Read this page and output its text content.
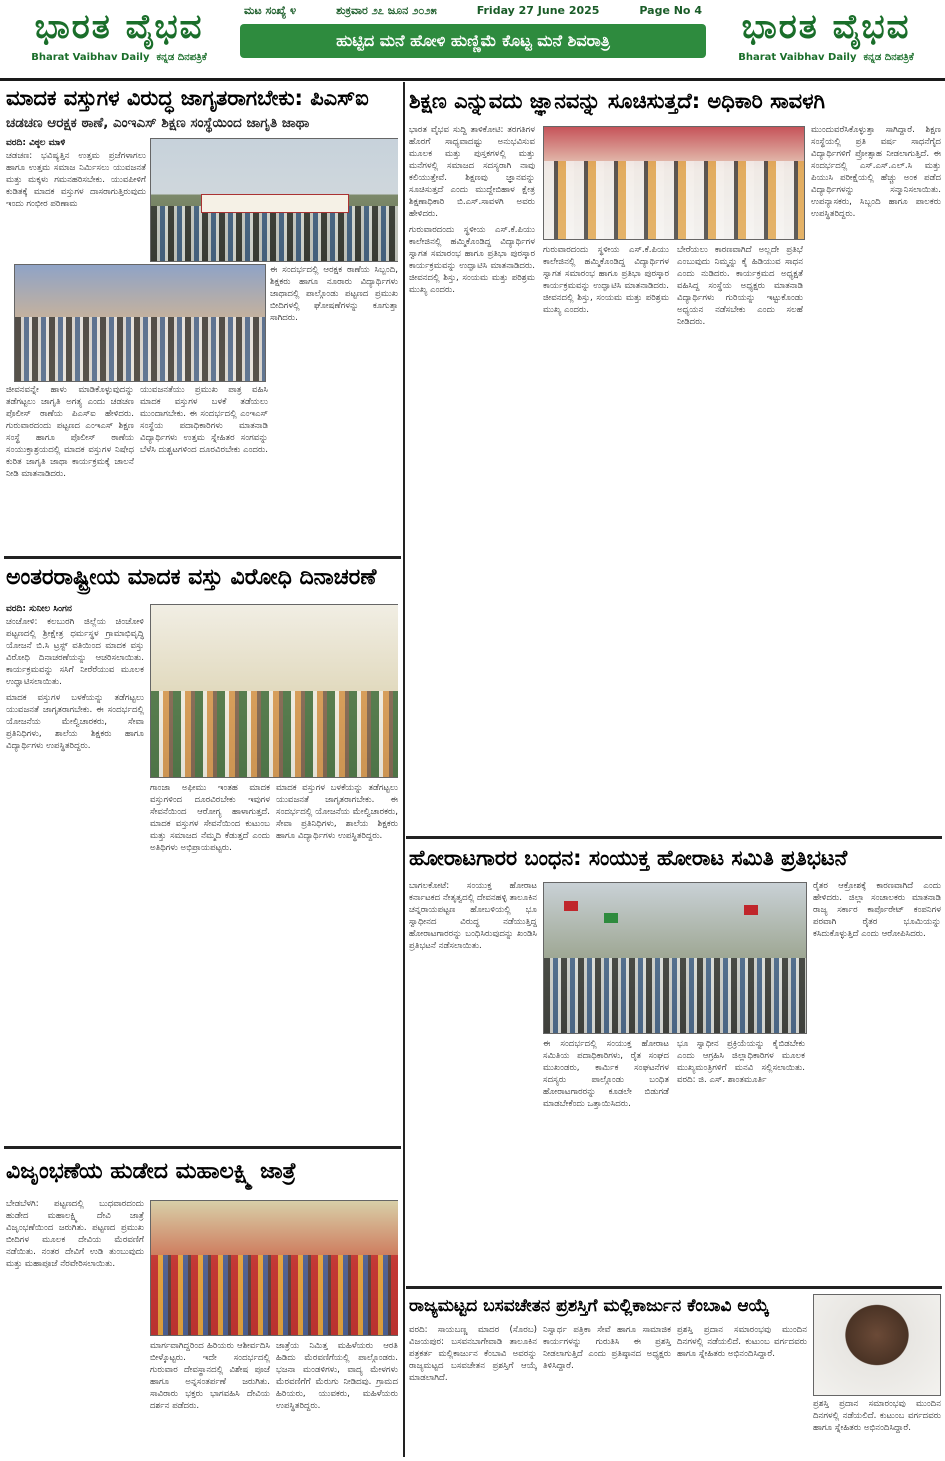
ಭಾರತ ವೈಭವ
Bharat Vaibhav Daily ಕನ್ನಡ ದಿನಪತ್ರಿಕೆ
ಮಟ ಸಂಖ್ಯೆ ೪	ಶುಕ್ರವಾರ ೨೭ ಜೂನ ೨೦೨೫	Friday 27 June 2025	Page No 4
ಹುಟ್ಟಿದ ಮನೆ ಹೋಳಿ ಹುಣ್ಣಿಮೆ ಕೊಟ್ಟ ಮನೆ ಶಿವರಾತ್ರಿ	ಭಾರತ ವೈಭವ
Bharat Vaibhav Daily ಕನ್ನಡ ದಿನಪತ್ರಿಕೆ
ಮಾದಕ ವಸ್ತುಗಳ ವಿರುದ್ಧ ಜಾಗೃತರಾಗಬೇಕು: ಪಿಎಸ್ಐ
ಚಡಚಣ ಆರಕ್ಷಕ ಠಾಣೆ, ಎಂಇಎಸ್ ಶಿಕ್ಷಣ ಸಂಸ್ಥೆಯಿಂದ ಜಾಗೃತಿ ಜಾಥಾ
ವರದಿ: ವಿಠ್ಠಲ ಮಾಳಿ
ಚಡಚಣ: ಭವಿಷ್ಯತ್ತಿನ ಉತ್ತಮ ಪ್ರಜೆಗಳಾಗಲು ಹಾಗೂ ಉತ್ತಮ ಸಮಾಜ ನಿರ್ಮಿಸಲು ಯುವಜನತೆ ಮತ್ತು ಮಕ್ಕಳು ಗಮನಹರಿಸಬೇಕು. ಯುವಪೀಳಿಗೆ ಕುಡಿತಕ್ಕೆ ಮಾದಕ ವಸ್ತುಗಳ ದಾಸರಾಗುತ್ತಿರುವುದು ಇಂದು ಗಂಭೀರ ಪರಿಣಾಮ
ಈ ಸಂದರ್ಭದಲ್ಲಿ ಆರಕ್ಷಕ ಠಾಣೆಯ ಸಿಬ್ಬಂದಿ, ಶಿಕ್ಷಕರು ಹಾಗೂ ನೂರಾರು ವಿದ್ಯಾರ್ಥಿಗಳು ಜಾಥಾದಲ್ಲಿ ಪಾಲ್ಗೊಂಡು ಪಟ್ಟಣದ ಪ್ರಮುಖ ಬೀದಿಗಳಲ್ಲಿ ಘೋಷಣೆಗಳನ್ನು ಕೂಗುತ್ತಾ ಸಾಗಿದರು.
ಜೀವನವನ್ನೇ ಹಾಳು ಮಾಡಿಕೊಳ್ಳುವುದನ್ನು ತಡೆಗಟ್ಟಲು ಜಾಗೃತಿ ಅಗತ್ಯ ಎಂದು ಚಡಚಣ ಪೊಲೀಸ್ ಠಾಣೆಯ ಪಿಎಸ್ಐ ಹೇಳಿದರು. ಗುರುವಾರದಂದು ಪಟ್ಟಣದ ಎಂಇಎಸ್ ಶಿಕ್ಷಣ ಸಂಸ್ಥೆ ಹಾಗೂ ಪೊಲೀಸ್ ಠಾಣೆಯ ಸಂಯುಕ್ತಾಶ್ರಯದಲ್ಲಿ ಮಾದಕ ವಸ್ತುಗಳ ನಿಷೇಧ ಕುರಿತ ಜಾಗೃತಿ ಜಾಥಾ ಕಾರ್ಯಕ್ರಮಕ್ಕೆ ಚಾಲನೆ ನೀಡಿ ಮಾತನಾಡಿದರು.
ಯುವಜನತೆಯು ಪ್ರಮುಖ ಪಾತ್ರ ವಹಿಸಿ ಮಾದಕ ವಸ್ತುಗಳ ಬಳಕೆ ತಡೆಯಲು ಮುಂದಾಗಬೇಕು. ಈ ಸಂದರ್ಭದಲ್ಲಿ ಎಂಇಎಸ್ ಸಂಸ್ಥೆಯ ಪದಾಧಿಕಾರಿಗಳು ಮಾತನಾಡಿ ವಿದ್ಯಾರ್ಥಿಗಳು ಉತ್ತಮ ಸ್ನೇಹಿತರ ಸಂಗವನ್ನು ಬೆಳೆಸಿ ದುಶ್ಚಟಗಳಿಂದ ದೂರವಿರಬೇಕು ಎಂದರು.
ಅಂತರರಾಷ್ಟ್ರೀಯ ಮಾದಕ ವಸ್ತು ವಿರೋಧಿ ದಿನಾಚರಣೆ
ವರದಿ: ಸುನೀಲ ಸಿಂಗನ
ಚಂಚೋಳಿ: ಕಲಬುರಗಿ ಜಿಲ್ಲೆಯ ಚಿಂಚೋಳಿ ಪಟ್ಟಣದಲ್ಲಿ ಶ್ರೀಕ್ಷೇತ್ರ ಧರ್ಮಸ್ಥಳ ಗ್ರಾಮಾಭಿವೃದ್ಧಿ ಯೋಜನೆ ಬಿ.ಸಿ ಟ್ರಸ್ಟ್ ವತಿಯಿಂದ ಮಾದಕ ವಸ್ತು ವಿರೋಧಿ ದಿನಾಚರಣೆಯನ್ನು ಆಚರಿಸಲಾಯಿತು. ಕಾರ್ಯಕ್ರಮವನ್ನು ಸಸಿಗೆ ನೀರೆರೆಯುವ ಮೂಲಕ ಉದ್ಘಾಟಿಸಲಾಯಿತು.
ಮಾದಕ ವಸ್ತುಗಳ ಬಳಕೆಯನ್ನು ತಡೆಗಟ್ಟಲು ಯುವಜನತೆ ಜಾಗೃತರಾಗಬೇಕು. ಈ ಸಂದರ್ಭದಲ್ಲಿ ಯೋಜನೆಯ ಮೇಲ್ವಿಚಾರಕರು, ಸೇವಾ ಪ್ರತಿನಿಧಿಗಳು, ಶಾಲೆಯ ಶಿಕ್ಷಕರು ಹಾಗೂ ವಿದ್ಯಾರ್ಥಿಗಳು ಉಪಸ್ಥಿತರಿದ್ದರು.
ಗಾಂಜಾ ಅಫೀಮು ಇಂತಹ ಮಾದಕ ವಸ್ತುಗಳಿಂದ ದೂರವಿರಬೇಕು ಇವುಗಳ ಸೇವನೆಯಿಂದ ಆರೋಗ್ಯ ಹಾಳಾಗುತ್ತದೆ. ಮಾದಕ ವಸ್ತುಗಳ ಸೇವನೆಯಿಂದ ಕುಟುಂಬ ಮತ್ತು ಸಮಾಜದ ನೆಮ್ಮದಿ ಕೆಡುತ್ತದೆ ಎಂದು ಅತಿಥಿಗಳು ಅಭಿಪ್ರಾಯಪಟ್ಟರು.
ಮಾದಕ ವಸ್ತುಗಳ ಬಳಕೆಯನ್ನು ತಡೆಗಟ್ಟಲು ಯುವಜನತೆ ಜಾಗೃತರಾಗಬೇಕು. ಈ ಸಂದರ್ಭದಲ್ಲಿ ಯೋಜನೆಯ ಮೇಲ್ವಿಚಾರಕರು, ಸೇವಾ ಪ್ರತಿನಿಧಿಗಳು, ಶಾಲೆಯ ಶಿಕ್ಷಕರು ಹಾಗೂ ವಿದ್ಯಾರ್ಥಿಗಳು ಉಪಸ್ಥಿತರಿದ್ದರು.
ವಿಜೃಂಭಣೆಯ ಹುಡೇದ ಮಹಾಲಕ್ಷ್ಮಿ ಜಾತ್ರೆ
ಬೇಡಬೆಳಗಿ: ಪಟ್ಟಣದಲ್ಲಿ ಬುಧವಾರದಂದು ಹುಡೇದ ಮಹಾಲಕ್ಷ್ಮಿ ದೇವಿ ಜಾತ್ರೆ ವಿಜೃಂಭಣೆಯಿಂದ ಜರುಗಿತು. ಪಟ್ಟಣದ ಪ್ರಮುಖ ಬೀದಿಗಳ ಮೂಲಕ ದೇವಿಯ ಮೆರವಣಿಗೆ ನಡೆಯಿತು. ನಂತರ ದೇವಿಗೆ ಉಡಿ ತುಂಬುವುದು ಮತ್ತು ಮಹಾಪೂಜೆ ನೆರವೇರಿಸಲಾಯಿತು.
ಮಾರ್ಗವಾಗಿದ್ದರಿಂದ ಹಿರಿಯರು ಆಶೀರ್ವದಿಸಿ ಬೀಳ್ಕೊಟ್ಟರು. ಇದೇ ಸಂದರ್ಭದಲ್ಲಿ ಗುರುವಾರ ದೇವಸ್ಥಾನದಲ್ಲಿ ವಿಶೇಷ ಪೂಜೆ ಹಾಗೂ ಅನ್ನಸಂತರ್ಪಣೆ ಜರುಗಿತು. ಸಾವಿರಾರು ಭಕ್ತರು ಭಾಗವಹಿಸಿ ದೇವಿಯ ದರ್ಶನ ಪಡೆದರು.
ಜಾತ್ರೆಯ ನಿಮಿತ್ತ ಮಹಿಳೆಯರು ಆರತಿ ಹಿಡಿದು ಮೆರವಣಿಗೆಯಲ್ಲಿ ಪಾಲ್ಗೊಂಡರು. ಭಜನಾ ಮಂಡಳಿಗಳು, ವಾದ್ಯ ಮೇಳಗಳು ಮೆರವಣಿಗೆಗೆ ಮೆರುಗು ನೀಡಿದವು. ಗ್ರಾಮದ ಹಿರಿಯರು, ಯುವಕರು, ಮಹಿಳೆಯರು ಉಪಸ್ಥಿತರಿದ್ದರು.
ಶಿಕ್ಷಣ ಎನ್ನುವದು ಜ್ಞಾನವನ್ನು ಸೂಚಿಸುತ್ತದೆ: ಅಧಿಕಾರಿ ಸಾವಳಗಿ
ಭಾರತ ವೈಭವ ಸುದ್ದಿ ತಾಳಿಕೋಟಿ: ತರಗತಿಗಳ ಹೊರಗೆ ಸಾಧ್ಯವಾದಷ್ಟು ಅನುಭವಿಸುವ ಮೂಲಕ ಮತ್ತು ಪುಸ್ತಕಗಳಲ್ಲಿ ಮತ್ತು ಮನೆಗಳಲ್ಲಿ ಸಮಾಜದ ಸದಸ್ಯರಾಗಿ ನಾವು ಕಲಿಯುತ್ತೇವೆ. ಶಿಕ್ಷಣವು ಜ್ಞಾನವನ್ನು ಸೂಚಿಸುತ್ತದೆ ಎಂದು ಮುದ್ದೇಬಿಹಾಳ ಕ್ಷೇತ್ರ ಶಿಕ್ಷಣಾಧಿಕಾರಿ ಬಿ.ಎಸ್.ಸಾವಳಗಿ ಅವರು ಹೇಳಿದರು.
ಗುರುವಾರದಂದು ಸ್ಥಳೀಯ ಎಸ್.ಕೆ.ಪಿಯು ಕಾಲೇಜಿನಲ್ಲಿ ಹಮ್ಮಿಕೊಂಡಿದ್ದ ವಿದ್ಯಾರ್ಥಿಗಳ ಸ್ವಾಗತ ಸಮಾರಂಭ ಹಾಗೂ ಪ್ರತಿಭಾ ಪುರಸ್ಕಾರ ಕಾರ್ಯಕ್ರಮವನ್ನು ಉದ್ಘಾಟಿಸಿ ಮಾತನಾಡಿದರು. ಜೀವನದಲ್ಲಿ ಶಿಸ್ತು, ಸಂಯಮ ಮತ್ತು ಪರಿಶ್ರಮ ಮುಖ್ಯ ಎಂದರು.
ಗುರುವಾರದಂದು ಸ್ಥಳೀಯ ಎಸ್.ಕೆ.ಪಿಯು ಕಾಲೇಜಿನಲ್ಲಿ ಹಮ್ಮಿಕೊಂಡಿದ್ದ ವಿದ್ಯಾರ್ಥಿಗಳ ಸ್ವಾಗತ ಸಮಾರಂಭ ಹಾಗೂ ಪ್ರತಿಭಾ ಪುರಸ್ಕಾರ ಕಾರ್ಯಕ್ರಮವನ್ನು ಉದ್ಘಾಟಿಸಿ ಮಾತನಾಡಿದರು. ಜೀವನದಲ್ಲಿ ಶಿಸ್ತು, ಸಂಯಮ ಮತ್ತು ಪರಿಶ್ರಮ ಮುಖ್ಯ ಎಂದರು.
ಬೇರೆಯಲು ಕಾರಣವಾಗಿದೆ ಅಲ್ಲದೇ ಪ್ರತಿಭೆ ಎಂಬುವುದು ನಿಮ್ಮನ್ನು ಕೈ ಹಿಡಿಯುವ ಸಾಧನ ಎಂದು ನುಡಿದರು. ಕಾರ್ಯಕ್ರಮದ ಅಧ್ಯಕ್ಷತೆ ವಹಿಸಿದ್ದ ಸಂಸ್ಥೆಯ ಅಧ್ಯಕ್ಷರು ಮಾತನಾಡಿ ವಿದ್ಯಾರ್ಥಿಗಳು ಗುರಿಯನ್ನು ಇಟ್ಟುಕೊಂಡು ಅಧ್ಯಯನ ನಡೆಸಬೇಕು ಎಂದು ಸಲಹೆ ನೀಡಿದರು.
ಮುಂದುವರೆಸಿಕೊಳ್ಳುತ್ತಾ ಸಾಗಿದ್ದಾರೆ. ಶಿಕ್ಷಣ ಸಂಸ್ಥೆಯಲ್ಲಿ ಪ್ರತಿ ವರ್ಷ ಸಾಧನೆಗೈದ ವಿದ್ಯಾರ್ಥಿಗಳಿಗೆ ಪ್ರೋತ್ಸಾಹ ನೀಡಲಾಗುತ್ತಿದೆ. ಈ ಸಂದರ್ಭದಲ್ಲಿ ಎಸ್.ಎಸ್.ಎಲ್.ಸಿ ಮತ್ತು ಪಿಯುಸಿ ಪರೀಕ್ಷೆಯಲ್ಲಿ ಹೆಚ್ಚು ಅಂಕ ಪಡೆದ ವಿದ್ಯಾರ್ಥಿಗಳನ್ನು ಸನ್ಮಾನಿಸಲಾಯಿತು. ಉಪನ್ಯಾಸಕರು, ಸಿಬ್ಬಂದಿ ಹಾಗೂ ಪಾಲಕರು ಉಪಸ್ಥಿತರಿದ್ದರು.
ಹೋರಾಟಗಾರರ ಬಂಧನ: ಸಂಯುಕ್ತ ಹೋರಾಟ ಸಮಿತಿ ಪ್ರತಿಭಟನೆ
ಬಾಗಲಕೋಟೆ: ಸಂಯುಕ್ತ ಹೋರಾಟ ಕರ್ನಾಟಕದ ನೇತೃತ್ವದಲ್ಲಿ ದೇವನಹಳ್ಳಿ ತಾಲೂಕಿನ ಚನ್ನರಾಯಪಟ್ಟಣ ಹೋಬಳಿಯಲ್ಲಿ ಭೂ ಸ್ವಾಧೀನದ ವಿರುದ್ಧ ನಡೆಯುತ್ತಿದ್ದ ಹೋರಾಟಗಾರರನ್ನು ಬಂಧಿಸಿರುವುದನ್ನು ಖಂಡಿಸಿ ಪ್ರತಿಭಟನೆ ನಡೆಸಲಾಯಿತು.
ಈ ಸಂದರ್ಭದಲ್ಲಿ ಸಂಯುಕ್ತ ಹೋರಾಟ ಸಮಿತಿಯ ಪದಾಧಿಕಾರಿಗಳು, ರೈತ ಸಂಘದ ಮುಖಂಡರು, ಕಾರ್ಮಿಕ ಸಂಘಟನೆಗಳ ಸದಸ್ಯರು ಪಾಲ್ಗೊಂಡು ಬಂಧಿತ ಹೋರಾಟಗಾರರನ್ನು ಕೂಡಲೇ ಬಿಡುಗಡೆ ಮಾಡಬೇಕೆಂದು ಒತ್ತಾಯಿಸಿದರು.
ಭೂ ಸ್ವಾಧೀನ ಪ್ರಕ್ರಿಯೆಯನ್ನು ಕೈಬಿಡಬೇಕು ಎಂದು ಆಗ್ರಹಿಸಿ ಜಿಲ್ಲಾಧಿಕಾರಿಗಳ ಮೂಲಕ ಮುಖ್ಯಮಂತ್ರಿಗಳಿಗೆ ಮನವಿ ಸಲ್ಲಿಸಲಾಯಿತು. ವರದಿ: ಜಿ. ಎಸ್. ಶಾಂತಮೂರ್ತಿ
ರೈತರ ಆಕ್ರೋಶಕ್ಕೆ ಕಾರಣವಾಗಿದೆ ಎಂದು ಹೇಳಿದರು. ಜಿಲ್ಲಾ ಸಂಚಾಲಕರು ಮಾತನಾಡಿ ರಾಜ್ಯ ಸರ್ಕಾರ ಕಾರ್ಪೊರೇಟ್ ಕಂಪನಿಗಳ ಪರವಾಗಿ ರೈತರ ಭೂಮಿಯನ್ನು ಕಸಿದುಕೊಳ್ಳುತ್ತಿದೆ ಎಂದು ಆರೋಪಿಸಿದರು.
ರಾಜ್ಯಮಟ್ಟದ ಬಸವಚೇತನ ಪ್ರಶಸ್ತಿಗೆ ಮಲ್ಲಿಕಾರ್ಜುನ ಕೆಂಬಾವಿ ಆಯ್ಕೆ
ವರದಿ: ಸಾಯಬಣ್ಣ ಮಾದರ (ಸೊರಬ) ವಿಜಯಪುರ: ಬಸವನಬಾಗೇವಾಡಿ ತಾಲೂಕಿನ ಪತ್ರಕರ್ತ ಮಲ್ಲಿಕಾರ್ಜುನ ಕೆಂಬಾವಿ ಅವರನ್ನು ರಾಜ್ಯಮಟ್ಟದ ಬಸವಚೇತನ ಪ್ರಶಸ್ತಿಗೆ ಆಯ್ಕೆ ಮಾಡಲಾಗಿದೆ.
ನಿಸ್ವಾರ್ಥ ಪತ್ರಿಕಾ ಸೇವೆ ಹಾಗೂ ಸಾಮಾಜಿಕ ಕಾರ್ಯಗಳನ್ನು ಗುರುತಿಸಿ ಈ ಪ್ರಶಸ್ತಿ ನೀಡಲಾಗುತ್ತಿದೆ ಎಂದು ಪ್ರತಿಷ್ಠಾನದ ಅಧ್ಯಕ್ಷರು ತಿಳಿಸಿದ್ದಾರೆ.
ಪ್ರಶಸ್ತಿ ಪ್ರದಾನ ಸಮಾರಂಭವು ಮುಂದಿನ ದಿನಗಳಲ್ಲಿ ನಡೆಯಲಿದೆ. ಕುಟುಂಬ ವರ್ಗದವರು ಹಾಗೂ ಸ್ನೇಹಿತರು ಅಭಿನಂದಿಸಿದ್ದಾರೆ.
ಪ್ರಶಸ್ತಿ ಪ್ರದಾನ ಸಮಾರಂಭವು ಮುಂದಿನ ದಿನಗಳಲ್ಲಿ ನಡೆಯಲಿದೆ. ಕುಟುಂಬ ವರ್ಗದವರು ಹಾಗೂ ಸ್ನೇಹಿತರು ಅಭಿನಂದಿಸಿದ್ದಾರೆ.
